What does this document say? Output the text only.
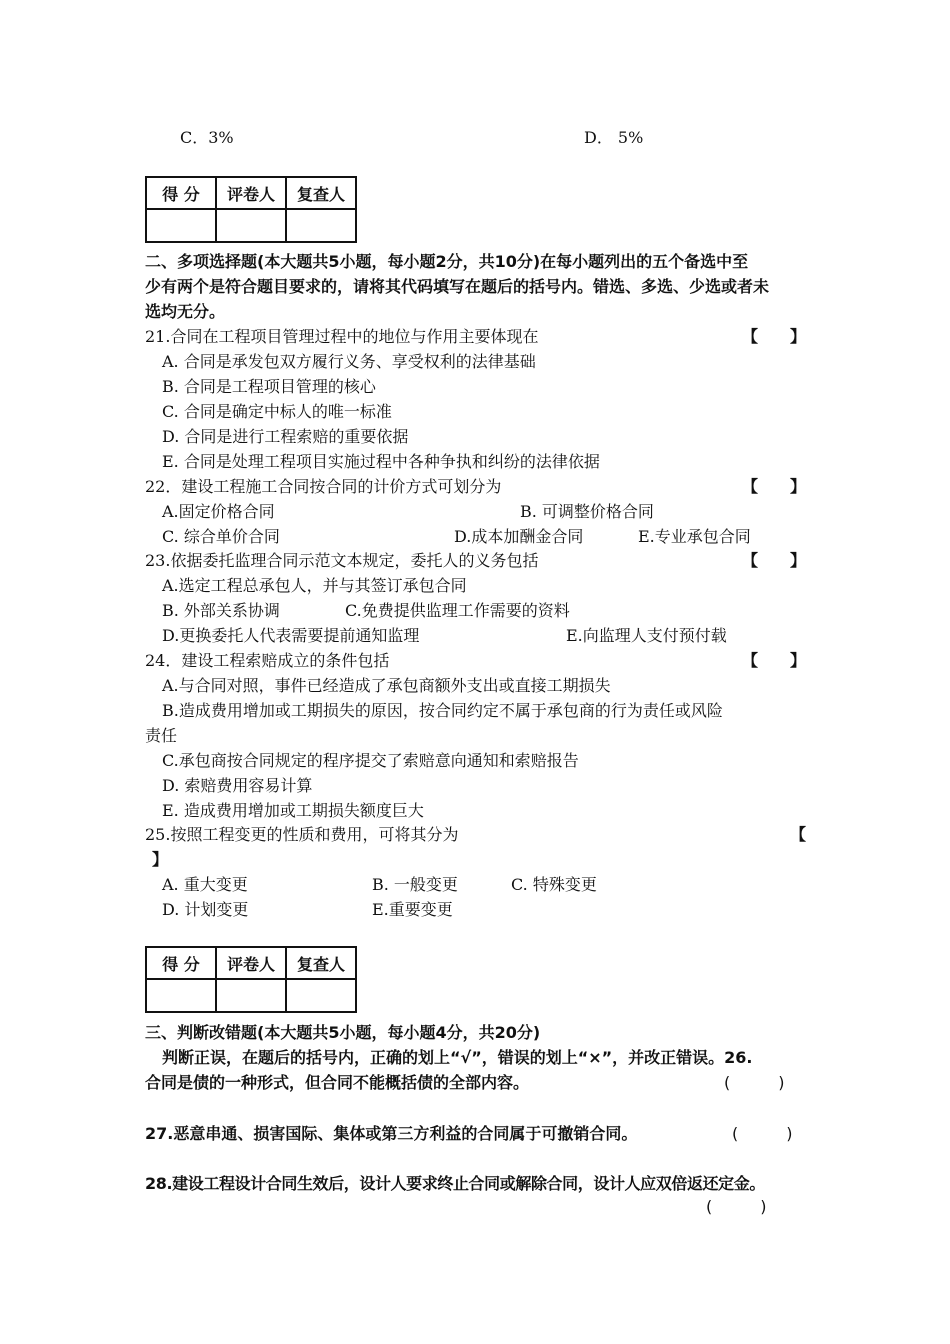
C．3%	D． 5%
得 分	评卷人	复查人

二、多项选择题(本大题共5小题，每小题2分，共10分)在每小题列出的五个备选中至
少有两个是符合题目要求的，请将其代码填写在题后的括号内。错选、多选、少选或者未
选均无分。
21.合同在工程项目管理过程中的地位与作用主要体现在	【　　】
A. 合同是承发包双方履行义务、享受权利的法律基础
B. 合同是工程项目管理的核心
C. 合同是确定中标人的唯一标准
D. 合同是进行工程索赔的重要依据
E. 合同是处理工程项目实施过程中各种争执和纠纷的法律依据
22．建设工程施工合同按合同的计价方式可划分为	【　　】
A.固定价格合同	B. 可调整价格合同
C. 综合单价合同	D.成本加酬金合同	E.专业承包合同
23.依据委托监理合同示范文本规定，委托人的义务包括	【　　】
A.选定工程总承包人，并与其签订承包合同
B. 外部关系协调	C.免费提供监理工作需要的资料
D.更换委托人代表需要提前通知监理	E.向监理人支付预付载
24．建设工程索赔成立的条件包括	【　　】
A.与合同对照，事件已经造成了承包商额外支出或直接工期损失
B.造成费用增加或工期损失的原因，按合同约定不属于承包商的行为责任或风险
责任
C.承包商按合同规定的程序提交了索赔意向通知和索赔报告
D. 索赔费用容易计算
E. 造成费用增加或工期损失额度巨大
25.按照工程变更的性质和费用，可将其分为	【
】
A. 重大变更	B. 一般变更	C. 特殊变更
D. 计划变更	E.重要变更
得 分	评卷人	复查人

三、判断改错题(本大题共5小题，每小题4分，共20分)
判断正误，在题后的括号内，正确的划上“√”，错误的划上“×”，并改正错误。26.
合同是债的一种形式，但合同不能概括债的全部内容。	(　　　)
27.恶意串通、损害国际、集体或第三方利益的合同属于可撤销合同。	(　　　)
28.建设工程设计合同生效后，设计人要求终止合同或解除合同，设计人应双倍返还定金。
(　　　)
